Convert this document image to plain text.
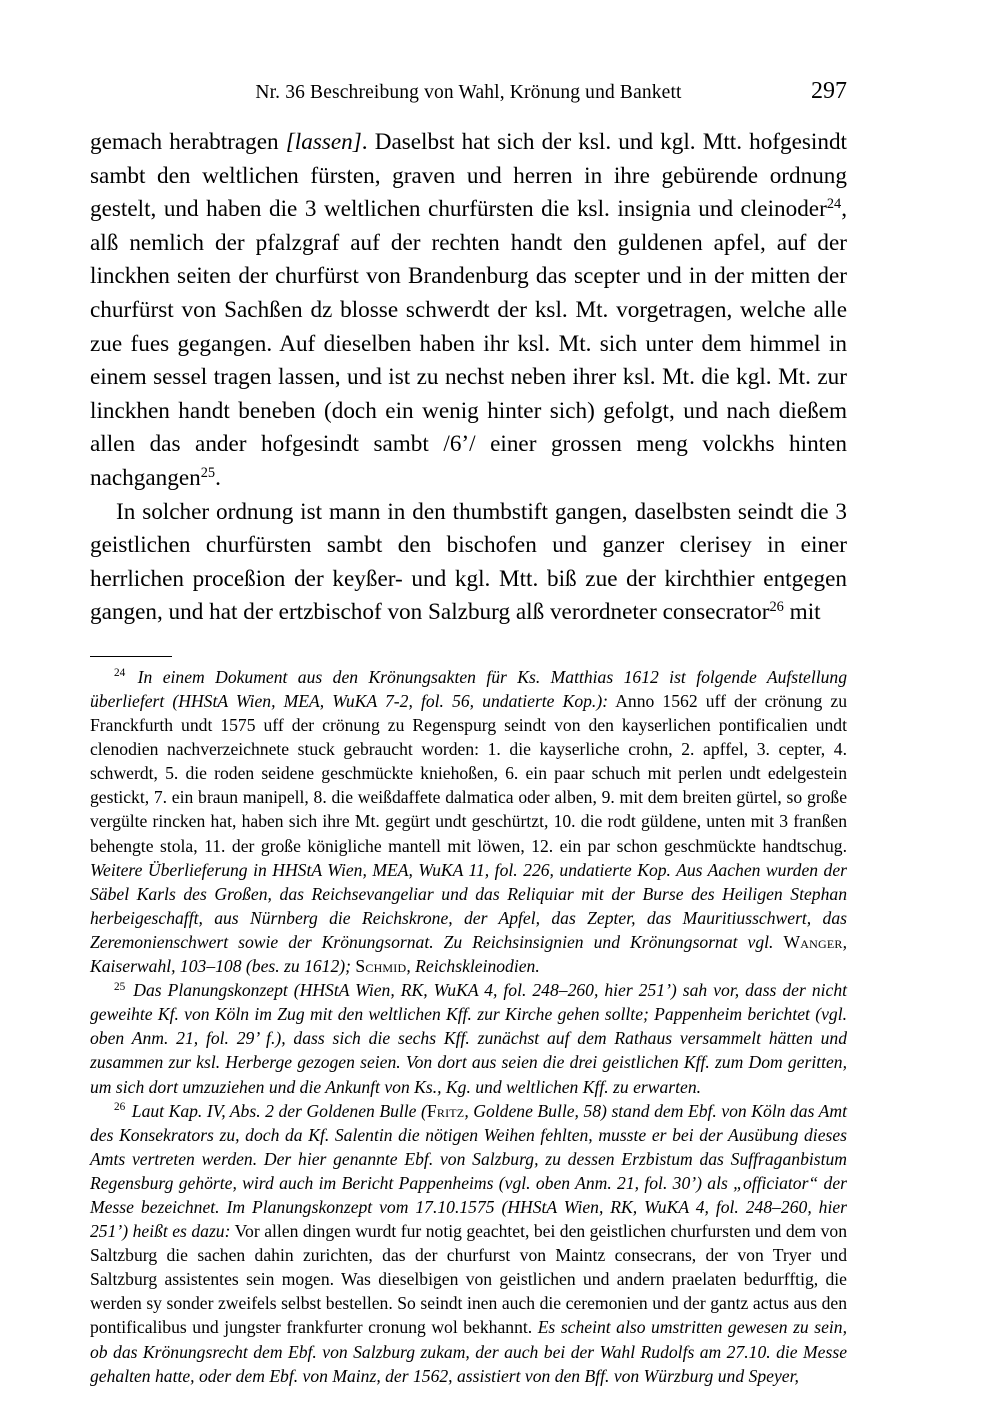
Nr. 36 Beschreibung von Wahl, Krönung und Bankett	297

gemach herabtragen [lassen]. Daselbst hat sich der ksl. und kgl. Mtt. hofgesindt sambt den weltlichen fürsten, graven und herren in ihre gebürende ordnung gestelt, und haben die 3 weltlichen churfürsten die ksl. insignia und cleinoder$^{24}$, alß nemlich der pfalzgraf auf der rechten handt den guldenen apfel, auf der linckhen seiten der churfürst von Brandenburg das scepter und in der mitten der churfürst von Sachßen dz blosse schwerdt der ksl. Mt. vorgetragen, welche alle zue fues gegangen. Auf dieselben haben ihr ksl. Mt. sich unter dem himmel in einem sessel tragen lassen, und ist zu nechst neben ihrer ksl. Mt. die kgl. Mt. zur linckhen handt beneben (doch ein wenig hinter sich) gefolgt, und nach dießem allen das ander hofgesindt sambt /6’/ einer grossen meng volckhs hinten nachgangen$^{25}$.

In solcher ordnung ist mann in den thumbstift gangen, daselbsten seindt die 3 geistlichen churfürsten sambt den bischofen und ganzer clerisey in einer herrlichen proceßion der keyßer- und kgl. Mtt. biß zue der kirchthier entgegen gangen, und hat der ertzbischof von Salzburg alß verordneter consecrator$^{26}$ mit

$^{24}$ In einem Dokument aus den Krönungsakten für Ks. Matthias 1612 ist folgende Aufstellung überliefert (HHStA Wien, MEA, WuKA 7-2, fol. 56, undatierte Kop.): Anno 1562 uff der crönung zu Franckfurth undt 1575 uff der crönung zu Regenspurg seindt von den kayserlichen pontificalien undt clenodien nachverzeichnete stuck gebraucht worden: 1. die kayserliche crohn, 2. apffel, 3. cepter, 4. schwerdt, 5. die roden seidene geschmückte kniehoßen, 6. ein paar schuch mit perlen undt edelgestein gestickt, 7. ein braun manipell, 8. die weißdaffete dalmatica oder alben, 9. mit dem breiten gürtel, so große vergülte rincken hat, haben sich ihre Mt. gegürt undt geschürtzt, 10. die rodt güldene, unten mit 3 franßen behengte stola, 11. der große königliche mantell mit löwen, 12. ein par schon geschmückte handtschug. Weitere Überlieferung in HHStA Wien, MEA, WuKA 11, fol. 226, undatierte Kop. Aus Aachen wurden der Säbel Karls des Großen, das Reichsevangeliar und das Reliquiar mit der Burse des Heiligen Stephan herbeigeschafft, aus Nürnberg die Reichskrone, der Apfel, das Zepter, das Mauritiusschwert, das Zeremonienschwert sowie der Krönungsornat. Zu Reichsinsignien und Krönungsornat vgl. Wanger, Kaiserwahl, 103–108 (bes. zu 1612); Schmid, Reichskleinodien.

$^{25}$ Das Planungskonzept (HHStA Wien, RK, WuKA 4, fol. 248–260, hier 251’) sah vor, dass der nicht geweihte Kf. von Köln im Zug mit den weltlichen Kff. zur Kirche gehen sollte; Pappenheim berichtet (vgl. oben Anm. 21, fol. 29’ f.), dass sich die sechs Kff. zunächst auf dem Rathaus versammelt hätten und zusammen zur ksl. Herberge gezogen seien. Von dort aus seien die drei geistlichen Kff. zum Dom geritten, um sich dort umzuziehen und die Ankunft von Ks., Kg. und weltlichen Kff. zu erwarten.

$^{26}$ Laut Kap. IV, Abs. 2 der Goldenen Bulle (Fritz, Goldene Bulle, 58) stand dem Ebf. von Köln das Amt des Konsekrators zu, doch da Kf. Salentin die nötigen Weihen fehlten, musste er bei der Ausübung dieses Amts vertreten werden. Der hier genannte Ebf. von Salzburg, zu dessen Erzbistum das Suffraganbistum Regensburg gehörte, wird auch im Bericht Pappenheims (vgl. oben Anm. 21, fol. 30’) als „officiator“ der Messe bezeichnet. Im Planungskonzept vom 17.10.1575 (HHStA Wien, RK, WuKA 4, fol. 248–260, hier 251’) heißt es dazu: Vor allen dingen wurdt fur notig geachtet, bei den geistlichen churfursten und dem von Saltzburg die sachen dahin zurichten, das der churfurst von Maintz consecrans, der von Tryer und Saltzburg assistentes sein mogen. Was dieselbigen von geistlichen und andern praelaten bedurfftig, die werden sy sonder zweifels selbst bestellen. So seindt inen auch die ceremonien und der gantz actus aus den pontificalibus und jungster frankfurter cronung wol bekhannt. Es scheint also umstritten gewesen zu sein, ob das Krönungsrecht dem Ebf. von Salzburg zukam, der auch bei der Wahl Rudolfs am 27.10. die Messe gehalten hatte, oder dem Ebf. von Mainz, der 1562, assistiert von den Bff. von Würzburg und Speyer,
